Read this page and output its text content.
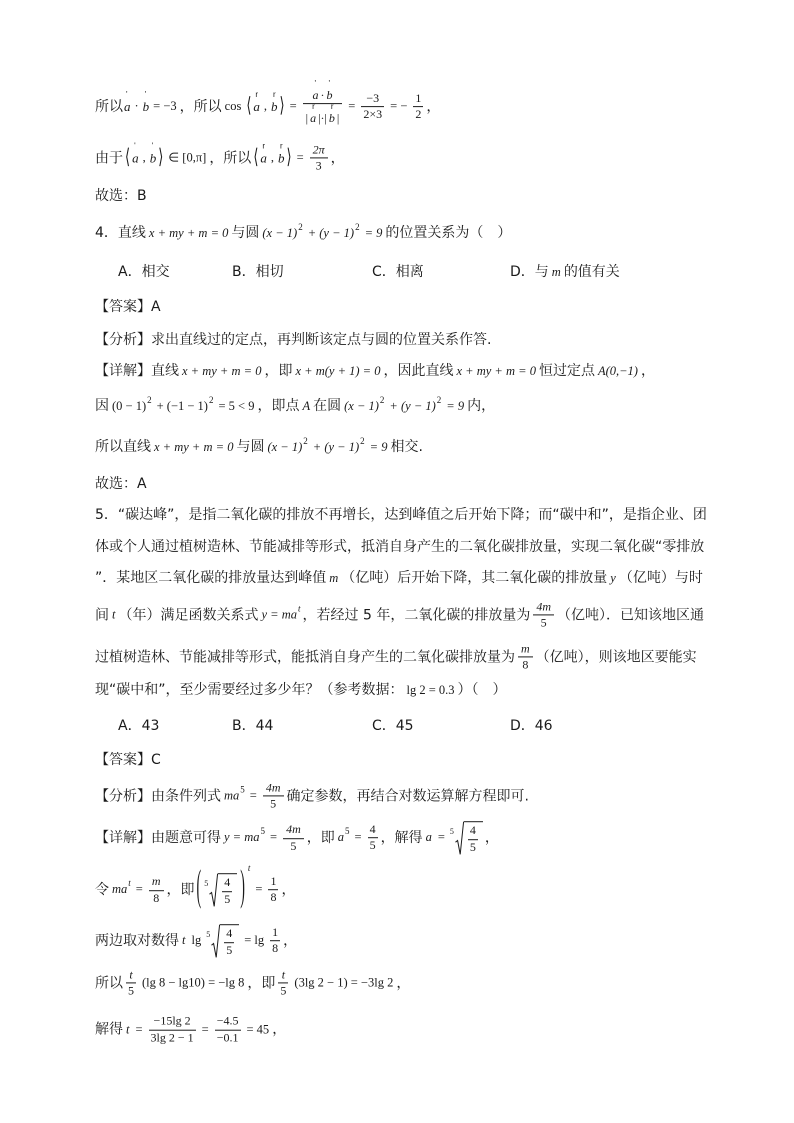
所以
'
a ·
'
b = −3 ，所以 cos ⟨
r
a ,
r
b ⟩ = '
a ·
'
b
|
r
a |·|
r
b | = $\frac{-3}{2\times 3}$ = − $\frac{1}{2}$ ，
由于 ⟨
'
a ,
'
b ⟩ ∈ [0,π] ，所以 ⟨
r
a ,
r
b ⟩ = $\frac{2\pi}{3}$ ，
故选：B
4．直线 x + my + m = 0 与圆 (x − 1) 2 + (y − 1) 2 = 9 的位置关系为（　）
A．相交	B．相切	C．相离	D．与 m 的值有关
【答案】A
【分析】求出直线过的定点，再判断该定点与圆的位置关系作答.
【详解】直线 x + my + m = 0 ，即 x + m(y + 1) = 0 ，因此直线 x + my + m = 0 恒过定点 A(0,−1) ，
因 (0 − 1) 2 + (−1 − 1) 2 = 5 < 9 ，即点 A 在圆 (x − 1) 2 + (y − 1) 2 = 9 内，
所以直线 x + my + m = 0 与圆 (x − 1) 2 + (y − 1) 2 = 9 相交.
故选：A
5．“碳达峰”，是指二氧化碳的排放不再增长，达到峰值之后开始下降；而“碳中和”，是指企业、团
体或个人通过植树造林、节能减排等形式，抵消自身产生的二氧化碳排放量，实现二氧化碳“零排放
”．某地区二氧化碳的排放量达到峰值 m （亿吨）后开始下降，其二氧化碳的排放量 y （亿吨）与时
间 t （年）满足函数关系式 y = ma t ，若经过 5 年，二氧化碳的排放量为 $\frac{4m}{5}$ （亿吨）．已知该地区通
过植树造林、节能减排等形式，能抵消自身产生的二氧化碳排放量为 $\frac{m}{8}$ （亿吨），则该地区要能实
现“碳中和”，至少需要经过多少年？（参考数据： lg 2 = 0.3 ）（　）
A．43	B．44	C．45	D．46
【答案】C
【分析】由条件列式 ma $5 = \frac{4m}{5}$ 确定参数，再结合对数运算解方程即可.
【详解】由题意可得 y = ma $5 = \frac{4m}{5}$ ，即 a $5 = \frac{4}{5}$ ，解得 $a = 5 \frac{4}{5}$ ，
令 ma $t = \frac{m}{8}$ ，即 ( $5 \frac{4}{5}$ ) t
= $\frac{1}{8}$ ，
两边取对数得 t $\lg 5 \frac{4}{5} = \lg \frac{1}{8}$ ，
所以 $\frac{t}{5} (\lg$ 8 − lg10) = −lg 8 ，即 $\frac{t}{5} (3\lg$ 2 − 1) = −3lg 2 ，
解得 $t = \frac{-15\lg 2}{3\lg 2 - 1} = \frac{-4.5}{-0.1} = 45$ ，
